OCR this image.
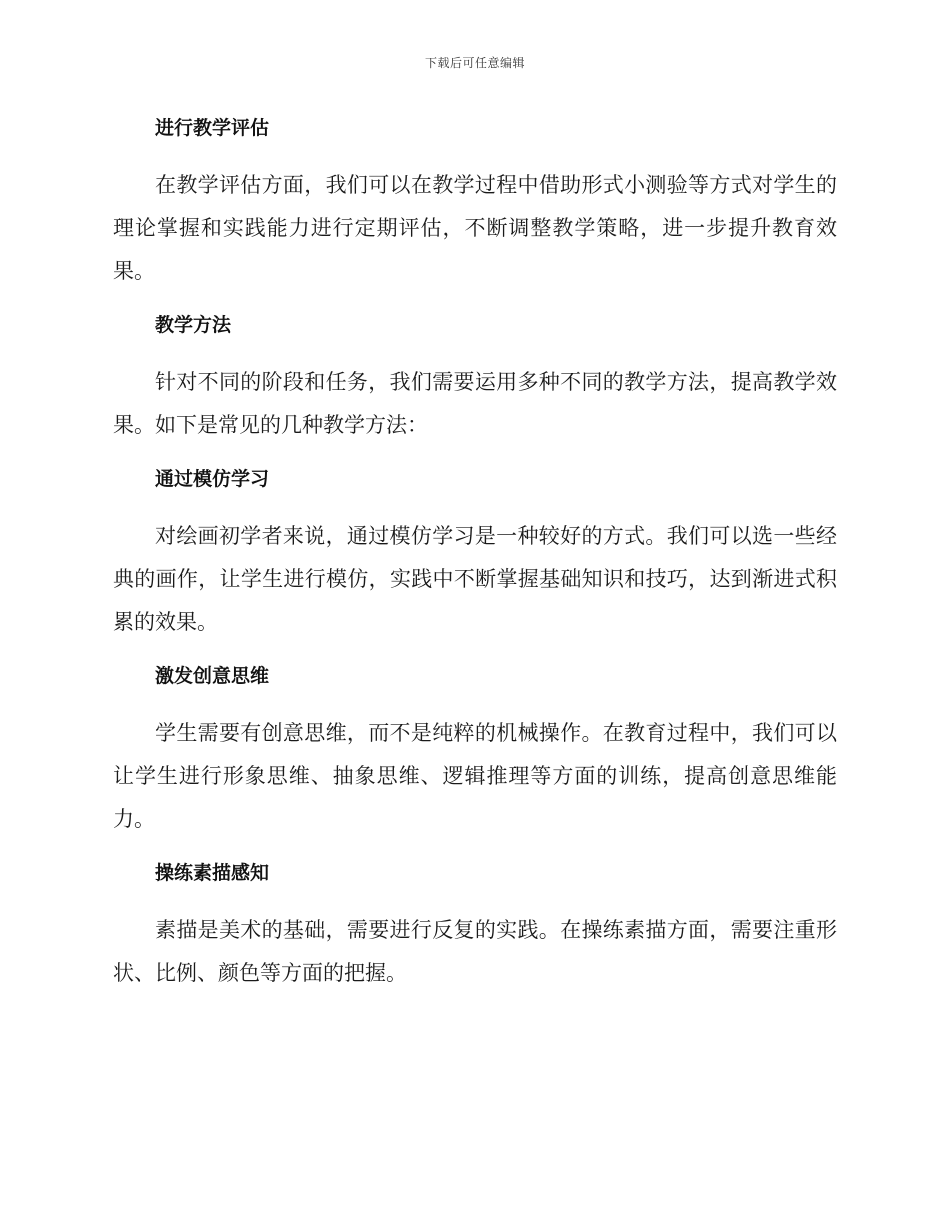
下载后可任意编辑
进行教学评估

在教学评估方面，我们可以在教学过程中借助形式小测验等方式对学生的理论掌握和实践能力进行定期评估，不断调整教学策略，进一步提升教育效果。

教学方法

针对不同的阶段和任务，我们需要运用多种不同的教学方法，提高教学效果。如下是常见的几种教学方法：

通过模仿学习

对绘画初学者来说，通过模仿学习是一种较好的方式。我们可以选一些经典的画作，让学生进行模仿，实践中不断掌握基础知识和技巧，达到渐进式积累的效果。

激发创意思维

学生需要有创意思维，而不是纯粹的机械操作。在教育过程中，我们可以让学生进行形象思维、抽象思维、逻辑推理等方面的训练，提高创意思维能力。

操练素描感知

素描是美术的基础，需要进行反复的实践。在操练素描方面，需要注重形状、比例、颜色等方面的把握。
